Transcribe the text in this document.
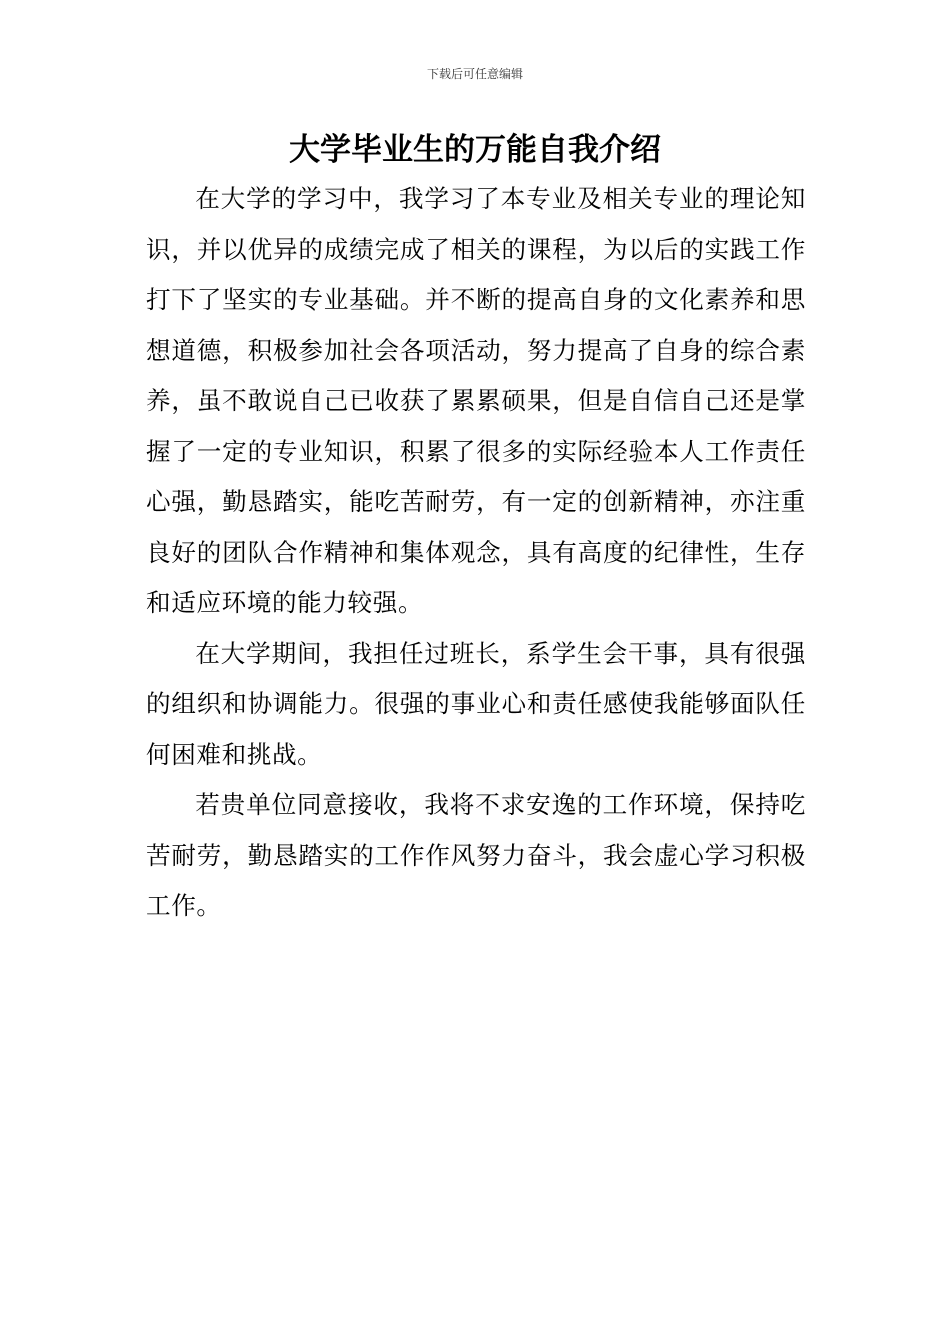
下载后可任意编辑
大学毕业生的万能自我介绍

在大学的学习中，我学习了本专业及相关专业的理论知识，并以优异的成绩完成了相关的课程，为以后的实践工作打下了坚实的专业基础。并不断的提高自身的文化素养和思想道德，积极参加社会各项活动，努力提高了自身的综合素养，虽不敢说自己已收获了累累硕果，但是自信自己还是掌握了一定的专业知识，积累了很多的实际经验本人工作责任心强，勤恳踏实，能吃苦耐劳，有一定的创新精神，亦注重良好的团队合作精神和集体观念，具有高度的纪律性，生存和适应环境的能力较强。

在大学期间，我担任过班长，系学生会干事，具有很强的组织和协调能力。很强的事业心和责任感使我能够面队任何困难和挑战。

若贵单位同意接收，我将不求安逸的工作环境，保持吃苦耐劳，勤恳踏实的工作作风努力奋斗，我会虚心学习积极工作。
